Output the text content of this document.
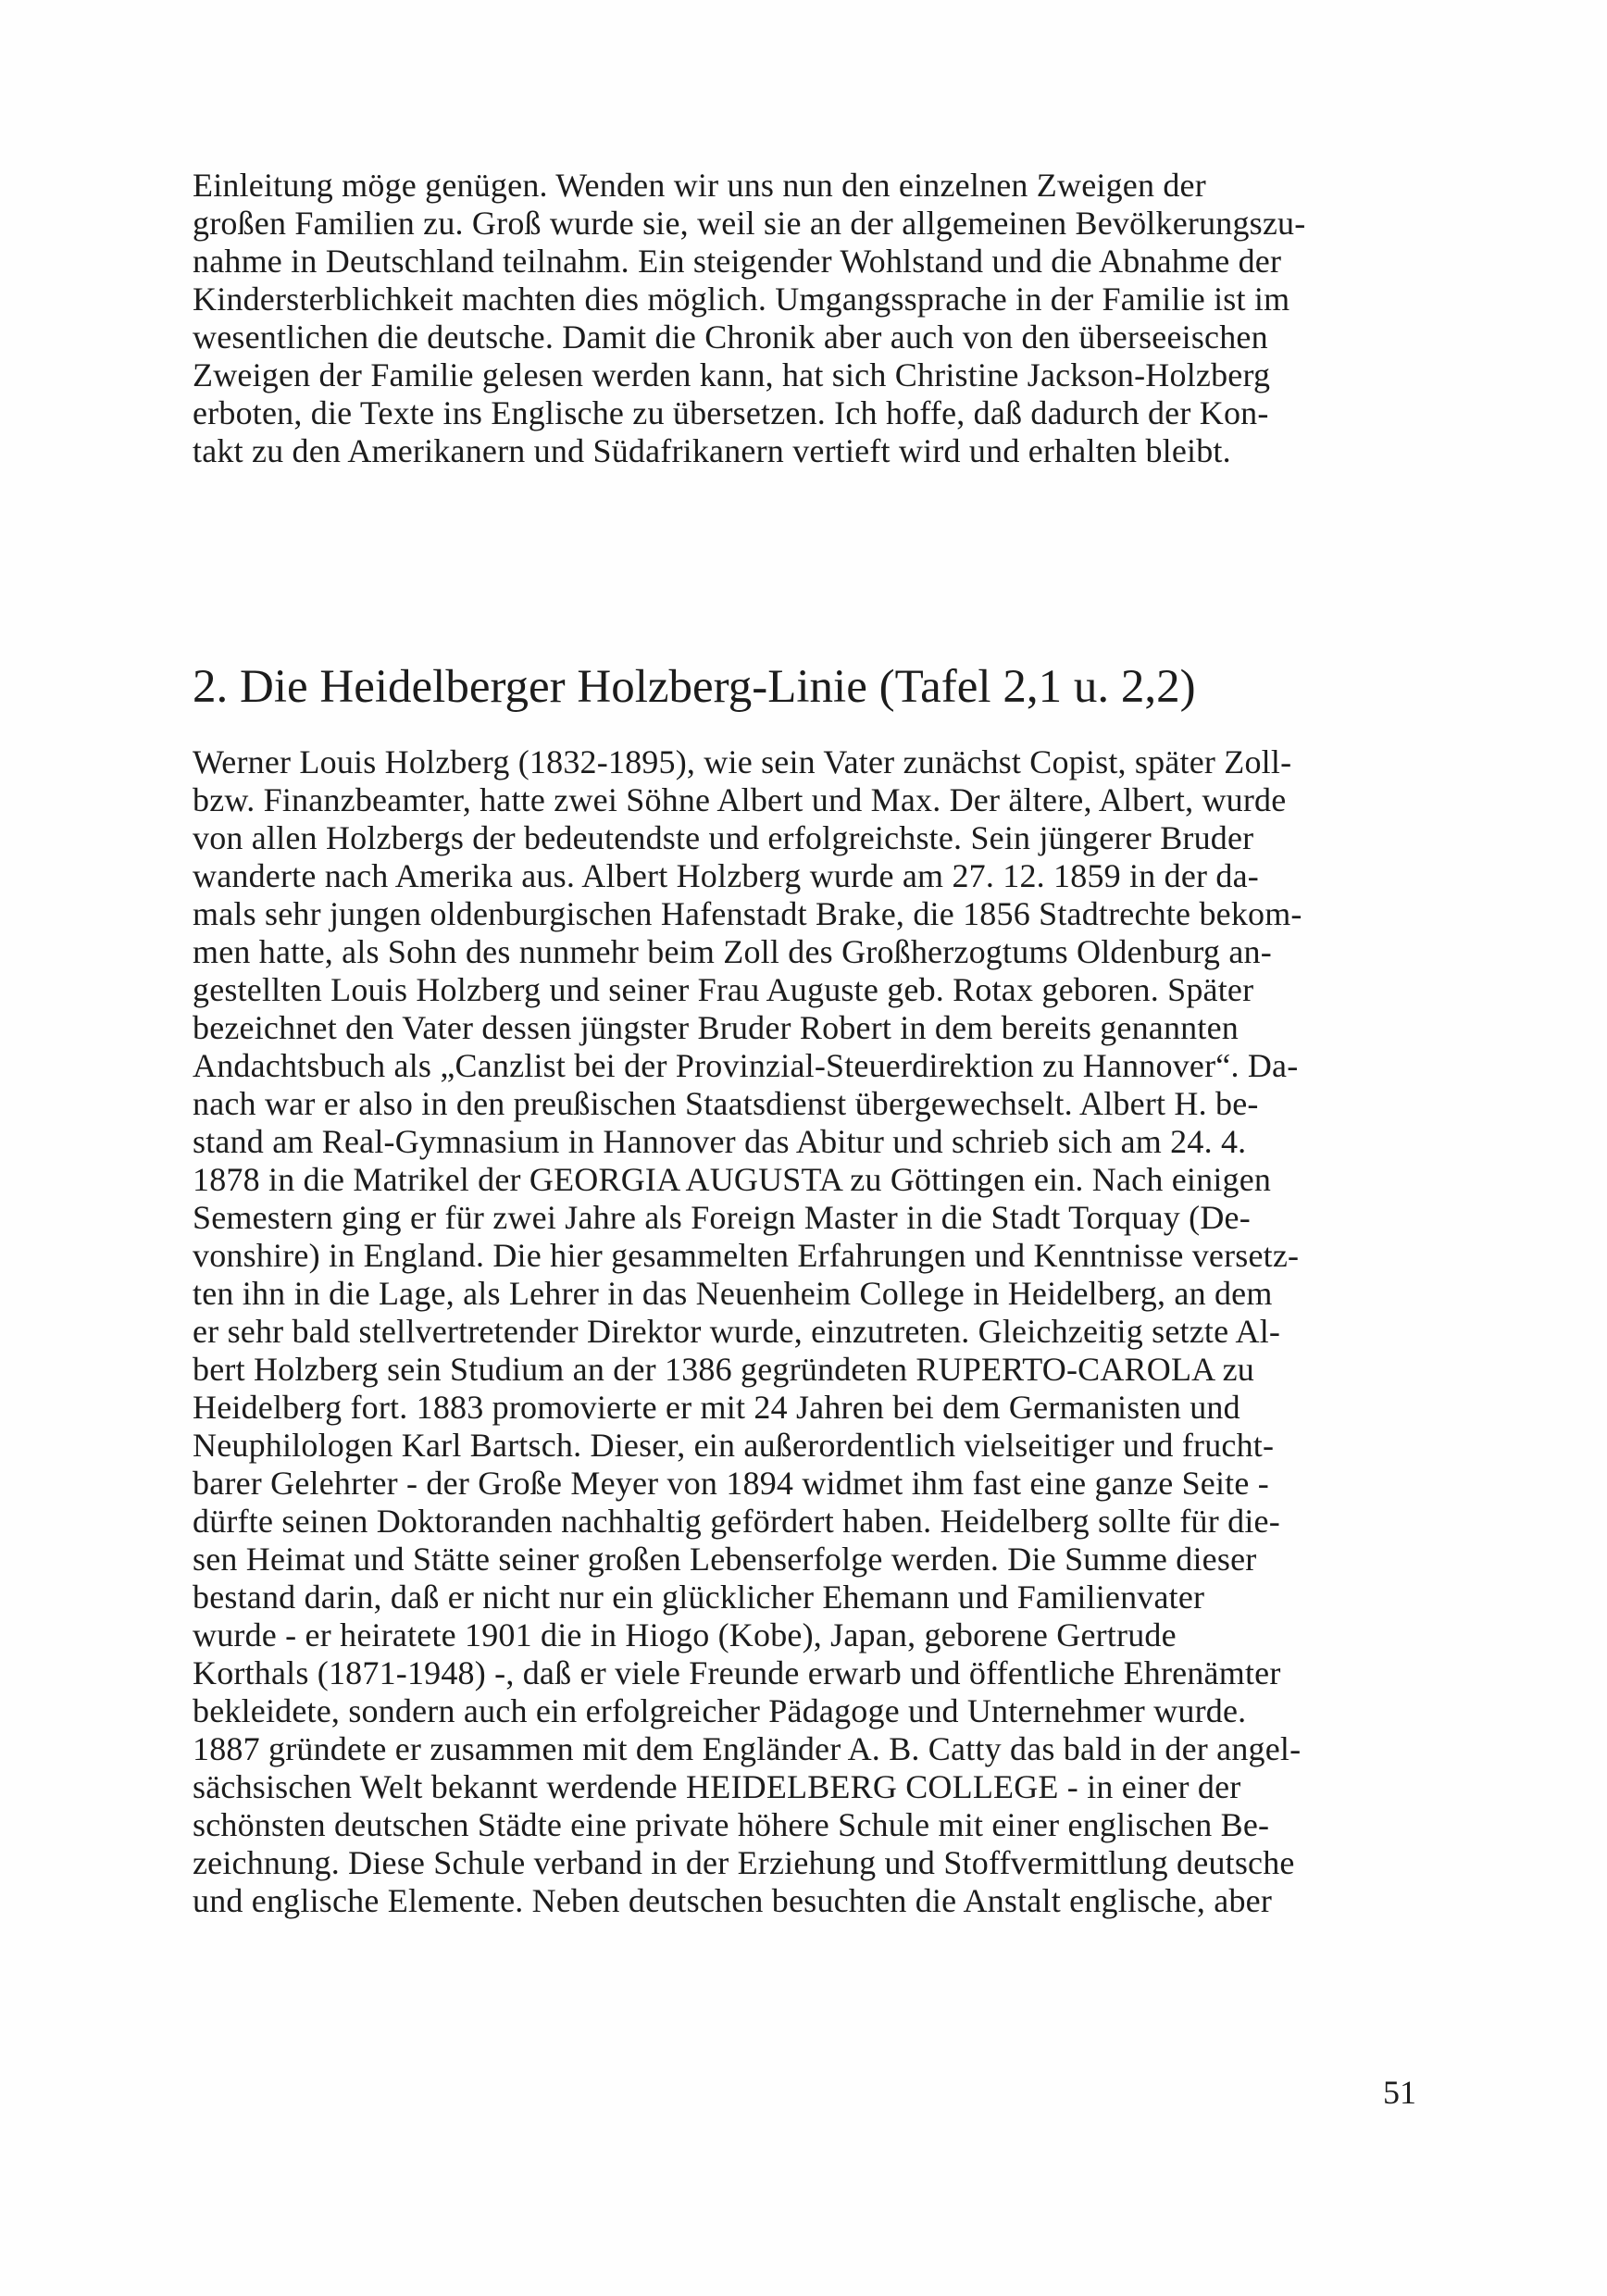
Einleitung möge genügen. Wenden wir uns nun den einzelnen Zweigen der

großen Familien zu. Groß wurde sie, weil sie an der allgemeinen Bevölkerungszu-

nahme in Deutschland teilnahm. Ein steigender Wohlstand und die Abnahme der

Kindersterblichkeit machten dies möglich. Umgangssprache in der Familie ist im

wesentlichen die deutsche. Damit die Chronik aber auch von den überseeischen

Zweigen der Familie gelesen werden kann, hat sich Christine Jackson-Holzberg

erboten, die Texte ins Englische zu übersetzen. Ich hoffe, daß dadurch der Kon-

takt zu den Amerikanern und Südafrikanern vertieft wird und erhalten bleibt.

2. Die Heidelberger Holzberg-Linie (Tafel 2,1 u. 2,2)

Werner Louis Holzberg (1832-1895), wie sein Vater zunächst Copist, später Zoll-

bzw. Finanzbeamter, hatte zwei Söhne Albert und Max. Der ältere, Albert, wurde

von allen Holzbergs der bedeutendste und erfolgreichste. Sein jüngerer Bruder

wanderte nach Amerika aus. Albert Holzberg wurde am 27. 12. 1859 in der da-

mals sehr jungen oldenburgischen Hafenstadt Brake, die 1856 Stadtrechte bekom-

men hatte, als Sohn des nunmehr beim Zoll des Großherzogtums Oldenburg an-

gestellten Louis Holzberg und seiner Frau Auguste geb. Rotax geboren. Später

bezeichnet den Vater dessen jüngster Bruder Robert in dem bereits genannten

Andachtsbuch als „Canzlist bei der Provinzial-Steuerdirektion zu Hannover“. Da-

nach war er also in den preußischen Staatsdienst übergewechselt. Albert H. be-

stand am Real-Gymnasium in Hannover das Abitur und schrieb sich am 24. 4.

1878 in die Matrikel der GEORGIA AUGUSTA zu Göttingen ein. Nach einigen

Semestern ging er für zwei Jahre als Foreign Master in die Stadt Torquay (De-

vonshire) in England. Die hier gesammelten Erfahrungen und Kenntnisse versetz-

ten ihn in die Lage, als Lehrer in das Neuenheim College in Heidelberg, an dem

er sehr bald stellvertretender Direktor wurde, einzutreten. Gleichzeitig setzte Al-

bert Holzberg sein Studium an der 1386 gegründeten RUPERTO-CAROLA zu

Heidelberg fort. 1883 promovierte er mit 24 Jahren bei dem Germanisten und

Neuphilologen Karl Bartsch. Dieser, ein außerordentlich vielseitiger und frucht-

barer Gelehrter - der Große Meyer von 1894 widmet ihm fast eine ganze Seite -

dürfte seinen Doktoranden nachhaltig gefördert haben. Heidelberg sollte für die-

sen Heimat und Stätte seiner großen Lebenserfolge werden. Die Summe dieser

bestand darin, daß er nicht nur ein glücklicher Ehemann und Familienvater

wurde - er heiratete 1901 die in Hiogo (Kobe), Japan, geborene Gertrude

Korthals (1871-1948) -, daß er viele Freunde erwarb und öffentliche Ehrenämter

bekleidete, sondern auch ein erfolgreicher Pädagoge und Unternehmer wurde.

1887 gründete er zusammen mit dem Engländer A. B. Catty das bald in der angel-

sächsischen Welt bekannt werdende HEIDELBERG COLLEGE - in einer der

schönsten deutschen Städte eine private höhere Schule mit einer englischen Be-

zeichnung. Diese Schule verband in der Erziehung und Stoffvermittlung deutsche

und englische Elemente. Neben deutschen besuchten die Anstalt englische, aber

51
